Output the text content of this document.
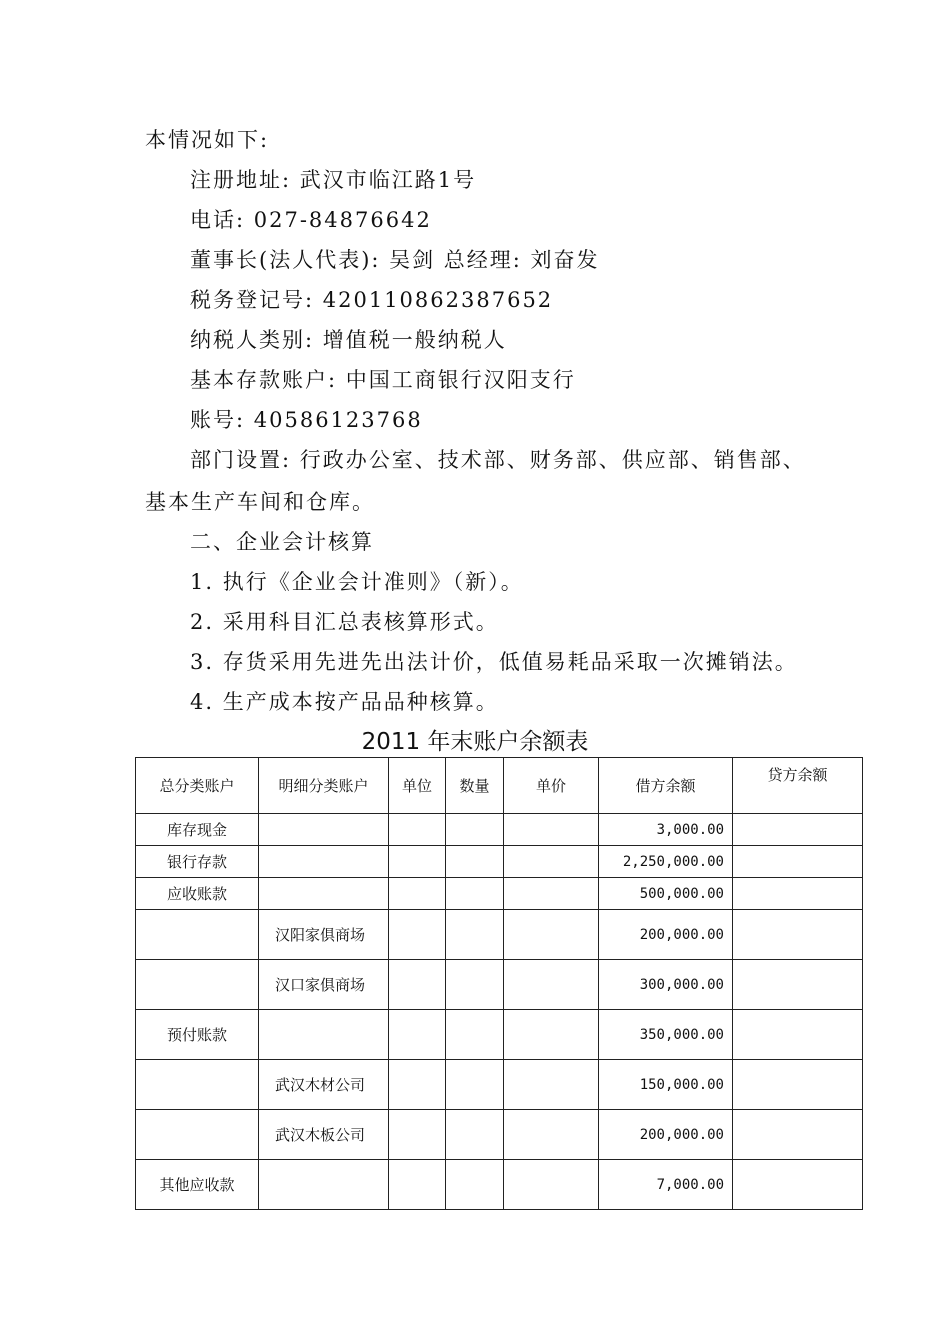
本情况如下:
注册地址: 武汉市临江路1号
电话: 027-84876642
董事长(法人代表): 吴剑 总经理: 刘奋发
税务登记号: 420110862387652
纳税人类别: 增值税一般纳税人
基本存款账户: 中国工商银行汉阳支行
账号: 40586123768
部门设置: 行政办公室、技术部、财务部、供应部、销售部、
基本生产车间和仓库。
二、企业会计核算
1. 执行《企业会计准则》（新）。
2. 采用科目汇总表核算形式。
3. 存货采用先进先出法计价，低值易耗品采取一次摊销法。
4. 生产成本按产品品种核算。
2011 年末账户余额表
总分类账户	明细分类账户	单位	数量	单价	借方余额	贷方余额
库存现金					3,000.00	
银行存款					2,250,000.00	
应收账款					500,000.00	
	汉阳家俱商场				200,000.00	
	汉口家俱商场				300,000.00	
预付账款					350,000.00	
	武汉木材公司				150,000.00	
	武汉木板公司				200,000.00	
其他应收款					7,000.00	
